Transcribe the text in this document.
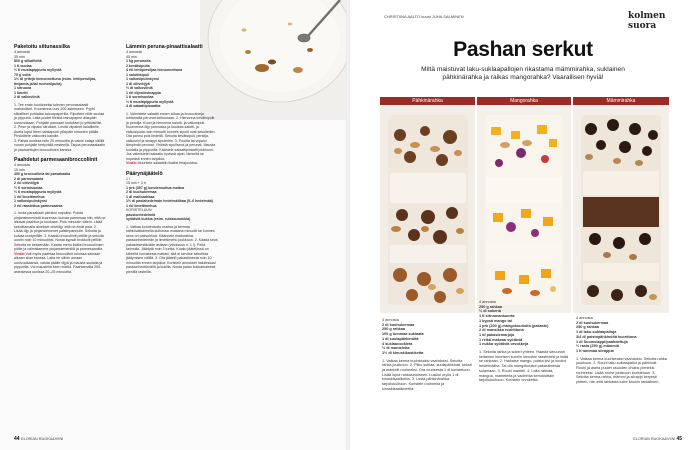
Paketoitu siitunassilka

4 annosta

35 min

800 g siikafileitä

1 tl suolaa

½ tl mustapippuria myllystä

75 g voita

1½ dl yrttejä hienonnettuna (esim. lehtipersiljaa, timjamia ja/tai ruohosipulia)

1 sitruuna

1 limetti

2 dl valkoviiniä

1. Tee ensin kuokkeeksi tulevan perunasalaatti mahdolliset. Kuumenna uuni 200 asteeseen. Pyyhi siikafileet puhtaiksi talouspaperilla. Ripottele niille suolaa ja pippuria. Laita puolet fileistä rasvapaperi alaspäin uunivuokaan. Pohjalle pannaan kudokset jo yrttikiisiiiisi.

2. Pese ja viipaloi sitrukset. Levitä viipaleet kalafileille. Aseta loput fileet nahkapuoli ylöspäin sitrusten päälle. Pirskottele valkoviini kaloille.

3. Paista uunissa noin 20 minuuttia ja valele kalaja välillä vuoan pohjalle kertyvällä nesteellä. Tarjoa perunasalaatin ja paahdettujen broccolinien kanssa.

Paahdetut parmesaanibroccoliinit

4 annosta

15 min

400 g broccoliinia tai parsakaalia

2 dl parmesaania

2 rkl oliiviöljyä

½ tl sormisuolaa

½ tl mustapippuria myllystä

1 rkl limettimehua

1 valkosipulinkynsi

2 rkl raastettua parmesaania

1. Irrota parsakaali pieniksi nupuiksi. Poista pinjansiemenistä kuorensa, kuivaa parmesaa niin, että ne alkavat paahtua ja kuokaan. Pois minuutin välein. Lisää sekoittamalla ainekset oliiviöljy, että ne eivät pala. 2. Lisää öljy ja pinjansiemenet paistinpannulle. Sekoita ja kuivaa uunipellille. 3. Kaada broccoliinit pellille ja sekoita uuniin noin 10 minuutiksi. Nosta kypsät brokkolit pellille. Sekoita ne keskenään. Kaada mehu lisäksi broccoliinien pöille ja valmistamme pinjansiemenillä ja parmesaanilla.

Vinkki Voit myös paahtaa broccoliinit uunissa samaan aikaan siian kanssa. Laita ne silloin omaan uunivuokaansa, valuta päälle öljyä ja mausta suolalla ja pippurilla. Voi maustella luten edellä. Paahtamalla 200-asteisessa uunissa 20–25 minuuttia.

Lämmin peruna-pinaattisalaatti

4 annosta

40 min

1 kg perunoita

2 kevätsipulia

4 rkl lehtipersiljaa hienonnettuna

1 salottisipuli

1 valkosipulinkynsi

1 dl oliiviöljyä

½ dl valkoviiniä

1 rkl dijoninsinappia

1 tl sormisuolaa

½ tl mustapippuria myllystä

4 dl salaattipinaattia

1. Valmistele salaatti ennen siikaa ja broccolineja lohtamalla perunat keihumaan. 2. Hienonna kevätsipulit ja persilja. Kuori ja hienonna salotti- ja valkosipuli. Kuumenna öljy pannussa ja kuullota salotti- ja valkosipulia noin minuutti kunnes sipulit ovat sekoitellen. Ota pannu pois liedeltä. Sekoita kevätsipuli, persilja, valkoviini ja sinappi sipuleihin. 3. Puolita tai viipaloi lämpimät perunat. Yhdistä sipuliseos ja perunat. Mausta suolalla ja pippurilla. Kääntele salaattipinaatti joukkoon. Jos valmistelet salaatin hyvissä ajoin, lämmitä se nopeasti ennen tarjoilua.

Vinkki Muuntele salaattiin lisäksi fetajuustoa.

Päärynäjäätelö

1 l

15 min + 3 h

1 prk (397 g) kondensoitua maitoa

2 dl kuohukermaa

1 dl maitorahkaa

1½ dl pasiahedelmän hedelmälihaa (5–6 hedelmää)

1 rkl limettimehua

KORISTELUUN

passionhedelmiä

syötäviä kukkia (esim. ruiskaunokkia)

1. Vatkaa kondensoitu maitoa ja kermaa sähkövatkaimella kulhossa mustana minuutti tai kunnes seos on paksuhkoa. Käännele maitorahka, passionhedelmän ja limettimehu joukkoon. 2. Kaada seos pakastekestävään astiaan (vetoisuus n. 1 l). Peitä kelmulla. Jäädytä noin 3 tuntia. Kuaku jäätelössä on kiinteitä korvakesia matiasi, sitä ei tarvitse sekoittaa jäätymisen välillä. 3. Ota jäätelö pakastimesta noin 10 minuuttia ennen tarjoilua. Koristele annokset halutessasi passionhedelmällä ja kukilla. Nosta palan kukkamaisesti pienillä rasteilla.

44 GLORIAN RUOKA&VIINI
CHRISTIINA AALTO kuvat JUHA SALMINEN	kolmen suora
Pashan serkut
Miltä maistuvat laku-suklaapallojen rikastama mämmirahka, suklainen pähkinärahka ja raikas mangorahka? Vaarallisen hyviä!
Pähkinärahka	Mangorahka	Mämmirahka

4 annosta

2 dl kuohukermaa

250 g rahkaa

100 g tummaa suklaata

1 dl suolapähkinöitä

4 suklaacookieta

½ dl manteleita

1½ dl kinuskikastiketta

1. Vatkaa kerma kuohkeaksi vaahdoksi. Sekoita rahka joukkoon. 2. Pilko suklaa, suolapähkinät, keksit ja mantelit rouheeksi. Ota rouheesta 1 dl koristeluun. Lisää loput rahkaseokseen. Lusikoi myös 1 dl kinuskikastiketta. 3. Lusta pähkinärahka tarjoilukulhoon. Koristele rouheella ja kinuskikastikkeella.

4 annosta

250 g rahkaa

½ dl sokeria

1 tl sitruunankuorta

1 kypsä mango tai

1 prk (200 g) mangokuutioita (pakaste)

2 dl mansikka rouhittuna

1 dl pakastemarjoja

1 reikä makeaa syötäviä

1 nukka syötäviä orvokkeja

1. Sekoita rahka ja sokeri yhteen. Raasta sitruunan keltainen kuorisen kuoriin hienoksi raasteeksi ja lisää se rahkaan. 2. Halkaise mango, poista kivi ja kuutioi hedelmäliha. Tai ota mangokuutiot pakastimesta sulamaan. 3. Rouhi manteli. 4. Laita rahkaa, mangoa, manteleita ja vadelmia kerroksittain tarjoilukulhoon. Koristele orvokeilla.

4 annosta

2 dl kuohukermaa

250 g rahkaa

1 dl laku-suklaapalloja

3/4 dl paistopähkinöitä kuorittuna

1 dl Suomulappi/paahdettuja

½ rasia (250 g) mämmiä

1 tl tummaa siirappia

1. Vatkaa kerma kuohkeaksi vaahdoksi. Sekoita rahka joukkoon. 2. Rouhi laku-suklaapallot ja pähkinät. Rouhi ja aseta puolet osuuden ohuksi pieneksi rouheeksi. Lisää rouhe joukkoon koristeluun. 3. Sekoita kerma-rahka, mämmi ja siirappi keryesti yhteen, niin että rahkasta tulee kaunin raidallinen.

GLORIAN RUOKA&VIINI 45
